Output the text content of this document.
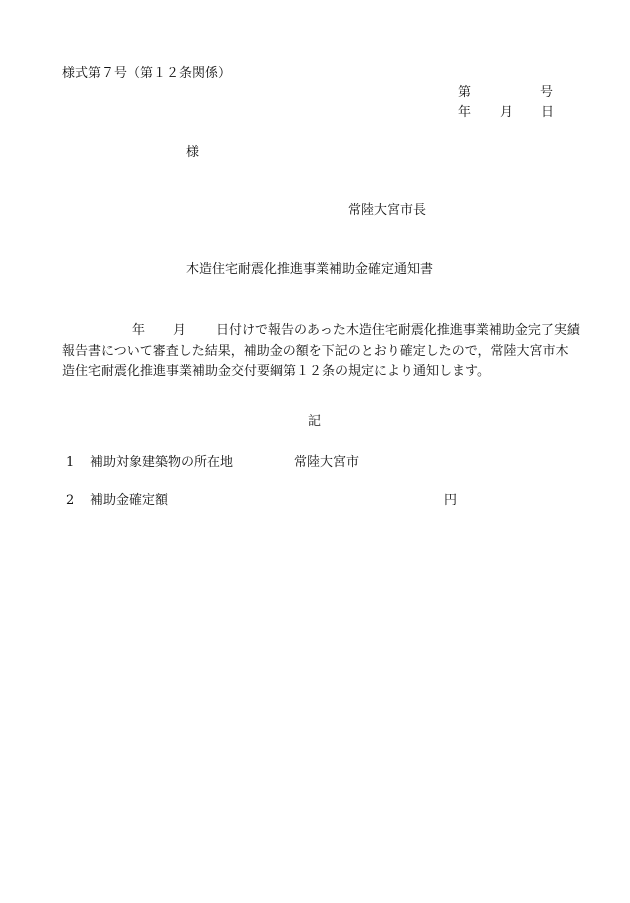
様式第７号（第１２条関係）
第	号
年 月 日
様
常陸大宮市長
木造住宅耐震化推進事業補助金確定通知書
年 月 日付けで報告のあった木造住宅耐震化推進事業補助金完了実績報告書について審査した結果，補助金の額を下記のとおり確定したので，常陸大宮市木造住宅耐震化推進事業補助金交付要綱第１２条の規定により通知します。
記
1 補助対象建築物の所在地	常陸大宮市
2 補助金確定額	円
